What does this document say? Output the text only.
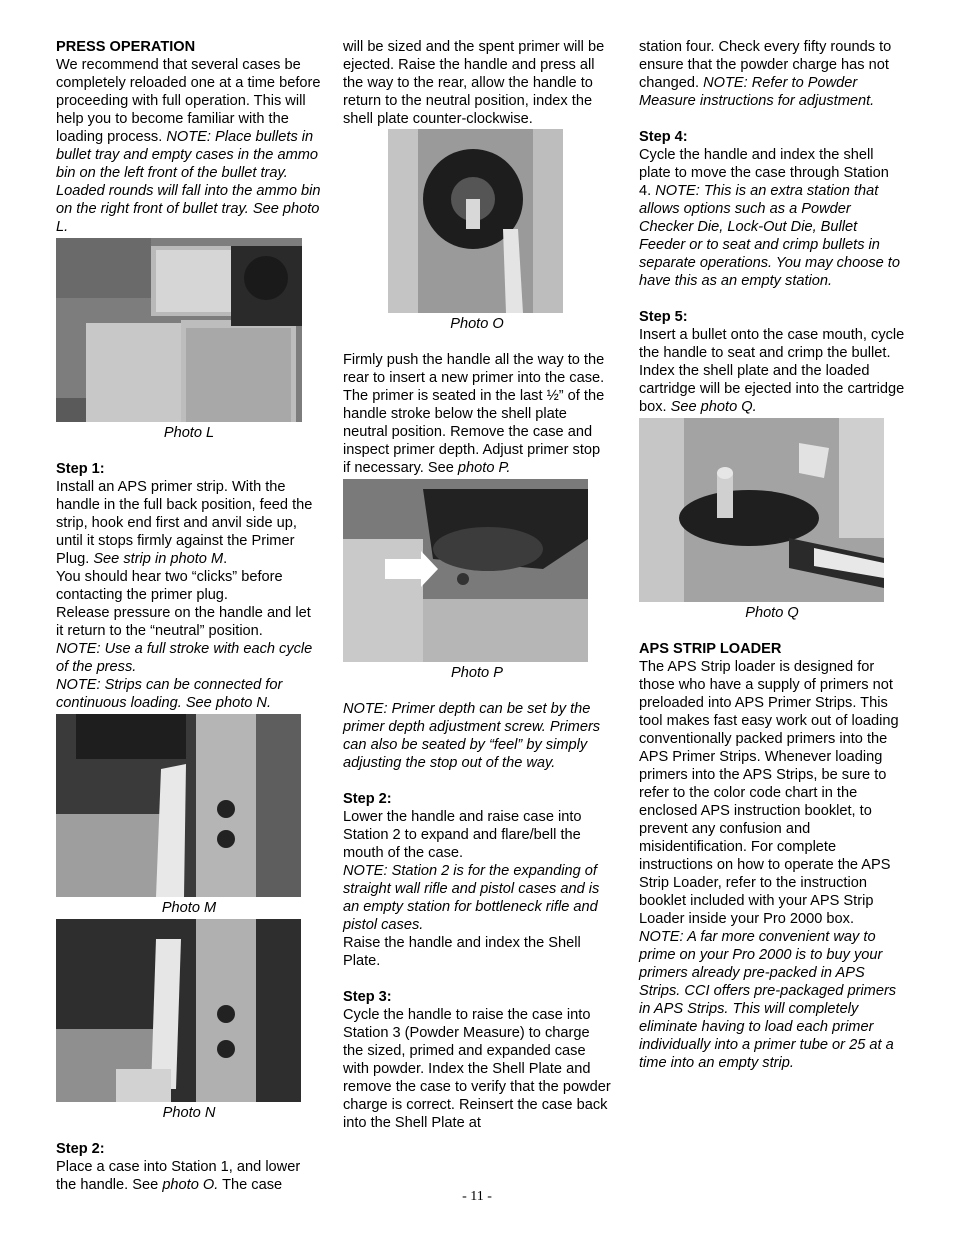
PRESS OPERATION

We recommend that several cases be completely reloaded one at a time before proceeding with full operation. This will help you to become familiar with the loading process. NOTE: Place bullets in bullet tray and empty cases in the ammo bin on the left front of the bullet tray. Loaded rounds will fall into the ammo bin on the right front of bullet tray. See photo L.

Photo L

Step 1:

Install an APS primer strip. With the handle in the full back position, feed the strip, hook end first and anvil side up, until it stops firmly against the Primer Plug. See strip in photo M.

You should hear two “clicks” before contacting the primer plug.

Release pressure on the handle and let it return to the “neutral” position.

NOTE: Use a full stroke with each cycle of the press.

NOTE: Strips can be connected for continuous loading. See photo N.

Photo M

Photo N

Step 2:

Place a case into Station 1, and lower the handle. See photo O. The case

will be sized and the spent primer will be ejected. Raise the handle and press all the way to the rear, allow the handle to return to the neutral position, index the shell plate counter-clockwise.

Photo O

Firmly push the handle all the way to the rear to insert a new primer into the case. The primer is seated in the last ½” of the handle stroke below the shell plate neutral position. Remove the case and inspect primer depth. Adjust primer stop if necessary. See photo P.

Photo P

NOTE: Primer depth can be set by the primer depth adjustment screw. Primers can also be seated by “feel” by simply adjusting the stop out of the way.

Step 2:

Lower the handle and raise case into Station 2 to expand and flare/bell the mouth of the case.

NOTE: Station 2 is for the expanding of straight wall rifle and pistol cases and is an empty station for bottleneck rifle and pistol cases.

Raise the handle and index the Shell Plate.

Step 3:

Cycle the handle to raise the case into Station 3 (Powder Measure) to charge the sized, primed and expanded case with powder. Index the Shell Plate and remove the case to verify that the powder charge is correct. Reinsert the case back into the Shell Plate at

station four. Check every fifty rounds to ensure that the powder charge has not changed. NOTE: Refer to Powder Measure instructions for adjustment.

Step 4:

Cycle the handle and index the shell plate to move the case through Station 4. NOTE: This is an extra station that allows options such as a Powder Checker Die, Lock-Out Die, Bullet Feeder or to seat and crimp bullets in separate operations. You may choose to have this as an empty station.

Step 5:

Insert a bullet onto the case mouth, cycle the handle to seat and crimp the bullet. Index the shell plate and the loaded cartridge will be ejected into the cartridge box. See photo Q.

Photo Q

APS STRIP LOADER

The APS Strip loader is designed for those who have a supply of primers not preloaded into APS Primer Strips. This tool makes fast easy work out of loading conventionally packed primers into the APS Primer Strips. Whenever loading primers into the APS Strips, be sure to refer to the color code chart in the enclosed APS instruction booklet, to prevent any confusion and misidentification. For complete instructions on how to operate the APS Strip Loader, refer to the instruction booklet included with your APS Strip Loader inside your Pro 2000 box.

NOTE: A far more convenient way to prime on your Pro 2000 is to buy your primers already pre-packed in APS Strips. CCI offers pre-packaged primers in APS Strips. This will completely eliminate having to load each primer individually into a primer tube or 25 at a time into an empty strip.

- 11 -
